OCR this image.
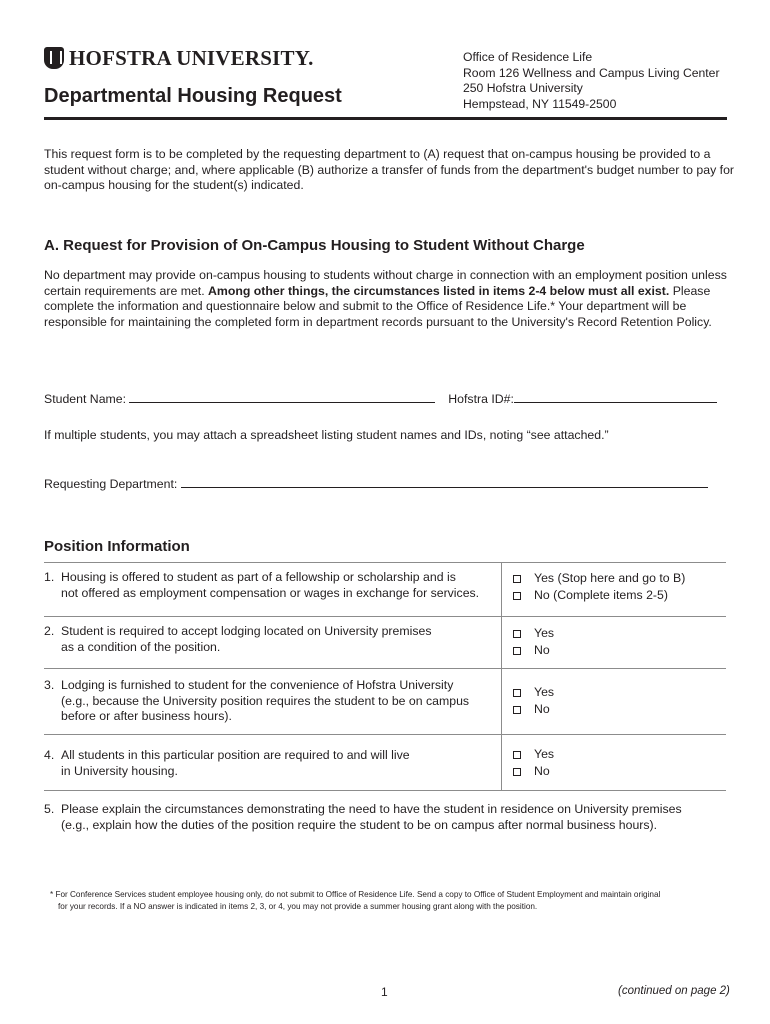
HOFSTRA UNIVERSITY.
Departmental Housing Request
Office of Residence Life
Room 126 Wellness and Campus Living Center
250 Hofstra University
Hempstead, NY 11549-2500
This request form is to be completed by the requesting department to (A) request that on-campus housing be provided to a student without charge; and, where applicable (B) authorize a transfer of funds from the department's budget number to pay for on-campus housing for the student(s) indicated.
A. Request for Provision of On-Campus Housing to Student Without Charge
No department may provide on-campus housing to students without charge in connection with an employment position unless certain requirements are met. Among other things, the circumstances listed in items 2-4 below must all exist. Please complete the information and questionnaire below and submit to the Office of Residence Life.* Your department will be responsible for maintaining the completed form in department records pursuant to the University's Record Retention Policy.
Student Name:	Hofstra ID#:
If multiple students, you may attach a spreadsheet listing student names and IDs, noting “see attached.”
Requesting Department:
Position Information
1. Housing is offered to student as part of a fellowship or scholarship and is
not offered as employment compensation or wages in exchange for services.
Yes (Stop here and go to B)
No (Complete items 2-5)
2. Student is required to accept lodging located on University premises
as a condition of the position.
Yes
No
3. Lodging is furnished to student for the convenience of Hofstra University
(e.g., because the University position requires the student to be on campus
before or after business hours).
Yes
No
4. All students in this particular position are required to and will live
in University housing.
Yes
No
5. Please explain the circumstances demonstrating the need to have the student in residence on University premises
(e.g., explain how the duties of the position require the student to be on campus after normal business hours).
* For Conference Services student employee housing only, do not submit to Office of Residence Life. Send a copy to Office of Student Employment and maintain original
for your records. If a NO answer is indicated in items 2, 3, or 4, you may not provide a summer housing grant along with the position.
1	(continued on page 2)
